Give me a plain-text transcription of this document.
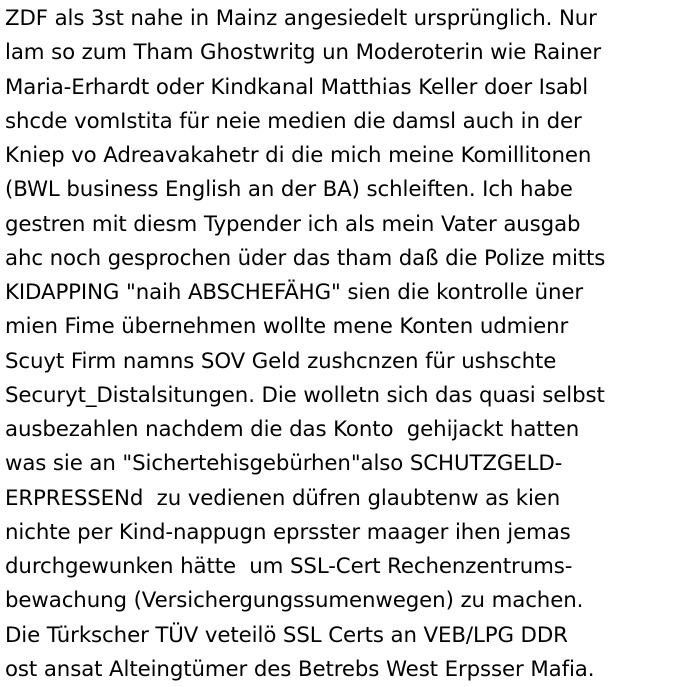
ZDF als 3st nahe in Mainz angesiedelt ursprünglich. Nur
lam so zum Tham Ghostwritg un Moderoterin wie Rainer
Maria-Erhardt oder Kindkanal Matthias Keller doer Isabl
shcde vomIstita für neie medien die damsl auch in der
Kniep vo Adreavakahetr di die mich meine Komillitonen
(BWL business English an der BA) schleiften. Ich habe
gestren mit diesm Typender ich als mein Vater ausgab
ahc noch gesprochen üder das tham daß die Polize mitts
KIDAPPING "naih ABSCHEFÄHG" sien die kontrolle üner
mien Fime übernehmen wollte mene Konten udmienr
Scuyt Firm namns SOV Geld zushcnzen für ushschte
Securyt_Distalsitungen. Die wolletn sich das quasi selbst
ausbezahlen nachdem die das Konto  gehijackt hatten
was sie an "Sichertehisgebürhen"also SCHUTZGELD-
ERPRESSENd  zu vedienen düfren glaubtenw as kien
nichte per Kind-nappugn eprsster maager ihen jemas
durchgewunken hätte  um SSL-Cert Rechenzentrums-
bewachung (Versichergungssumenwegen) zu machen.
Die Türkscher TÜV veteilö SSL Certs an VEB/LPG DDR
ost ansat Alteingtümer des Betrebs West Erpsser Mafia.
